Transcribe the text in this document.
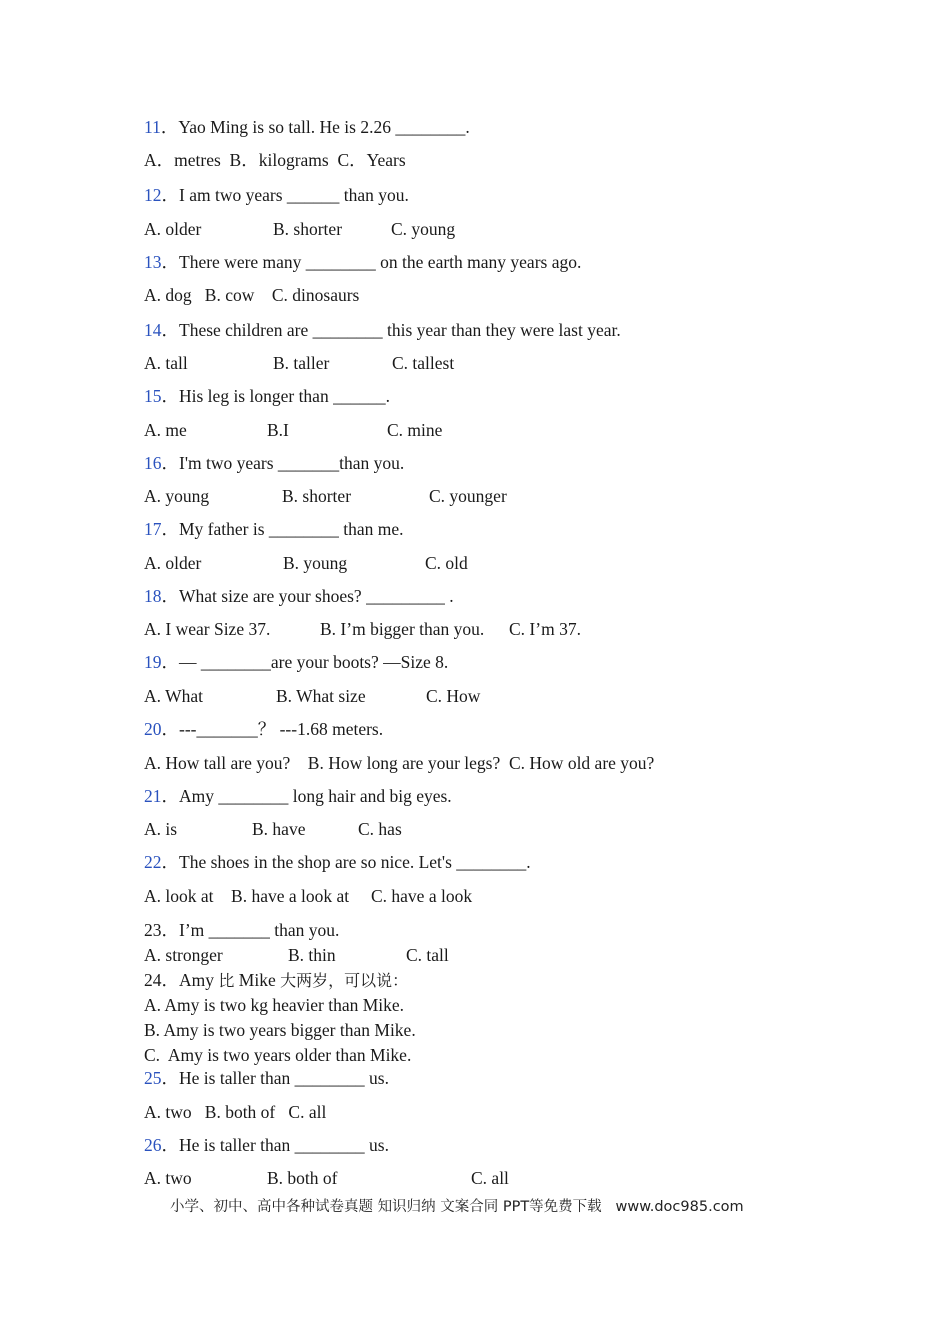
11．Yao Ming is so tall. He is 2.26 ________.
A．metres B．kilograms C．Years
12．I am two years ______ than you.
A. older	B. shorter	C. young
13．There were many ________ on the earth many years ago.
A. dog B. cow C. dinosaurs
14．These children are ________ this year than they were last year.
A. tall	B. taller	C. tallest
15．His leg is longer than ______.
A. me	B.I	C. mine
16．I'm two years _______than you.
A. young	B. shorter	C. younger
17．My father is ________ than me.
A. older	B. young	C. old
18．What size are your shoes? _________ .
A. I wear Size 37.	B. I’m bigger than you. C. I’m 37.
19．— ________are your boots? —Size 8.
A. What	B. What size	C. How
20．---_______？ ---1.68 meters.
A. How tall are you? B. How long are your legs? C. How old are you?
21．Amy ________ long hair and big eyes.
A. is	B. have	C. has
22．The shoes in the shop are so nice. Let's ________.
A. look at B. have a look at C. have a look
23．I’m _______ than you.
A. stronger	B. thin	C. tall
24．Amy 比 Mike 大两岁，可以说：
A. Amy is two kg heavier than Mike.
B. Amy is two years bigger than Mike.
C.  Amy is two years older than Mike.
25．He is taller than ________ us.
A. two B. both of C. all
26．He is taller than ________ us.
A. two	B. both of	C. all
小学、初中、高中各种试卷真题 知识归纳 文案合同 PPT等免费下载 www.doc985.com
